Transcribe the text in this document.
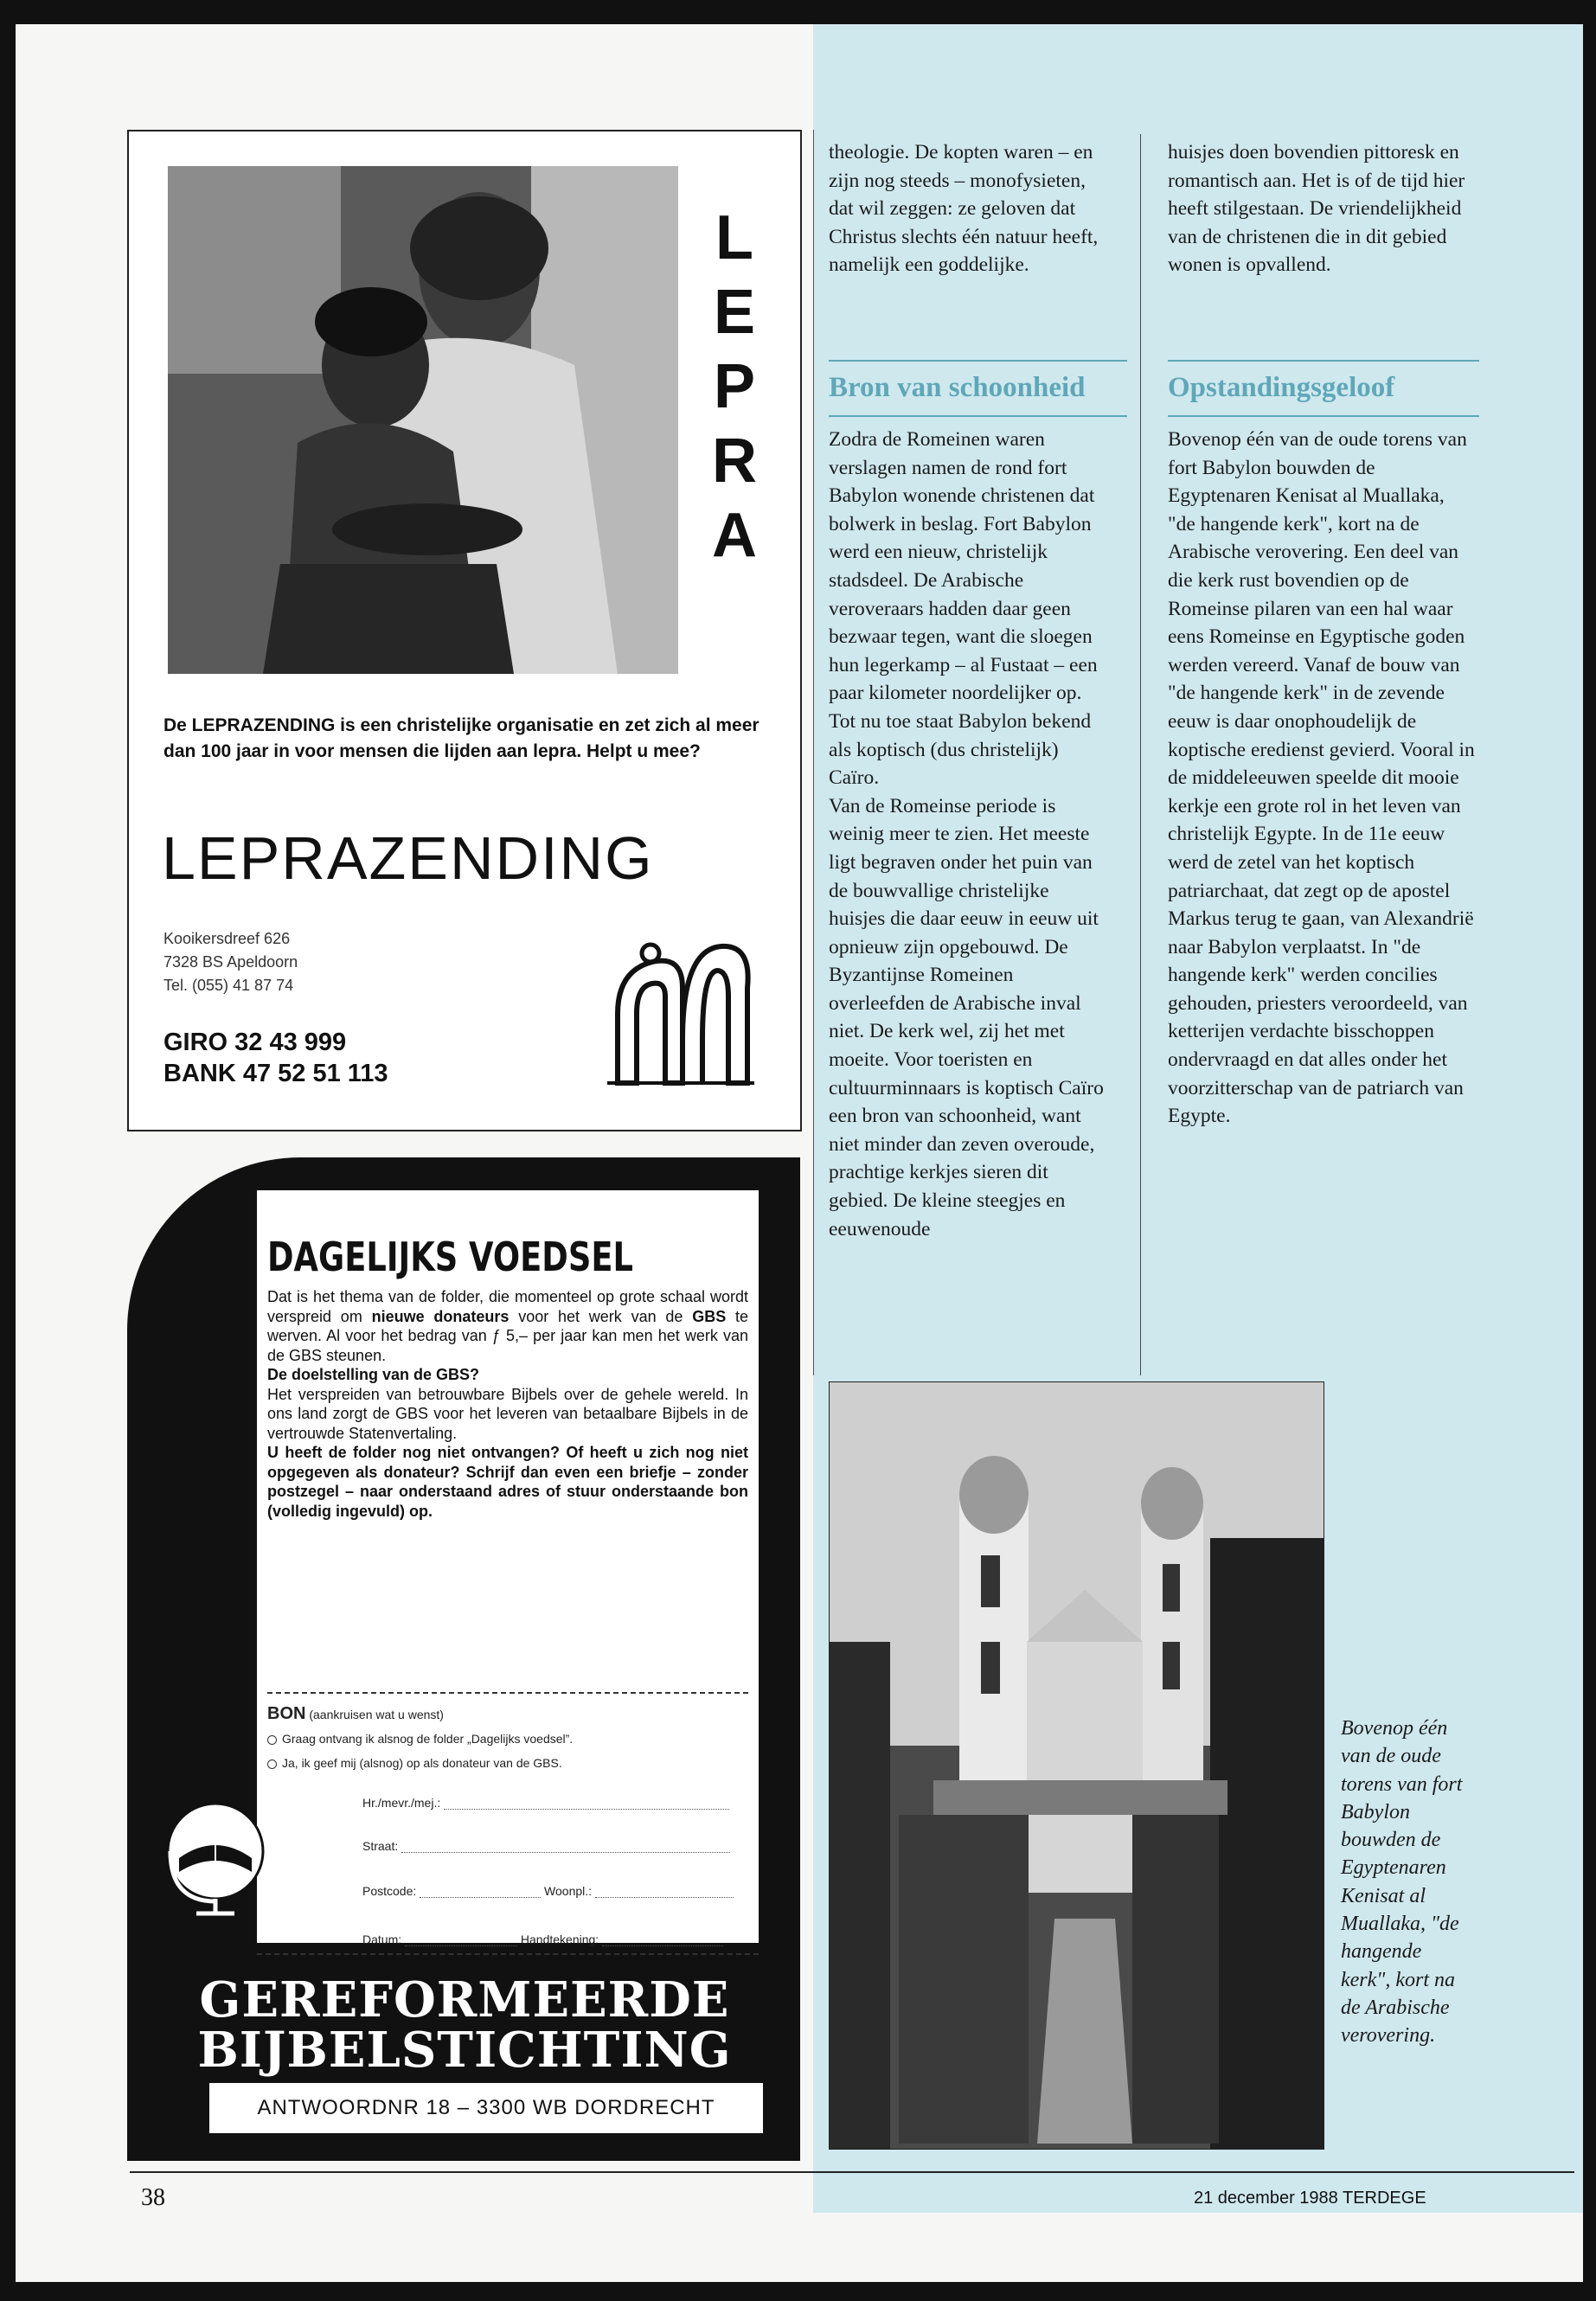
L
E
P
R
A
De LEPRAZENDING is een christelijke organisatie en zet zich al meer dan 100 jaar in voor mensen die lijden aan lepra. Helpt u mee?
LEPRAZENDING
Kooikersdreef 626
7328 BS Apeldoorn
Tel. (055) 41 87 74
GIRO 32 43 999
BANK 47 52 51 113
DAGELIJKS VOEDSEL
Dat is het thema van de folder, die momenteel op grote schaal wordt verspreid om nieuwe donateurs voor het werk van de GBS te werven. Al voor het bedrag van ƒ 5,– per jaar kan men het werk van de GBS steunen.
De doelstelling van de GBS?
Het verspreiden van betrouwbare Bijbels over de gehele wereld. In ons land zorgt de GBS voor het leveren van betaalbare Bijbels in de vertrouwde Statenvertaling.
U heeft de folder nog niet ontvangen? Of heeft u zich nog niet opgegeven als donateur? Schrijf dan even een briefje – zonder postzegel – naar onderstaand adres of stuur onderstaande bon (volledig ingevuld) op.
BON (aankruisen wat u wenst)
Graag ontvang ik alsnog de folder „Dagelijks voedsel”.
Ja, ik geef mij (alsnog) op als donateur van de GBS.
Hr./mevr./mej.:
Straat:
Postcode:	Woonpl.:
Datum:	Handtekening:
GEREFORMEERDE
BIJBELSTICHTING
ANTWOORDNR 18 – 3300 WB DORDRECHT
theologie. De kopten waren – en zijn nog steeds – monofysieten, dat wil zeggen: ze geloven dat Christus slechts één natuur heeft, namelijk een goddelijke.
huisjes doen bovendien pittoresk en romantisch aan. Het is of de tijd hier heeft stilgestaan. De vriendelijkheid van de christenen die in dit gebied wonen is opvallend.
Bron van schoonheid	Opstandingsgeloof
Zodra de Romeinen waren verslagen namen de rond fort Babylon wonende christenen dat bolwerk in beslag. Fort Babylon werd een nieuw, christelijk stadsdeel. De Arabische veroveraars hadden daar geen bezwaar tegen, want die sloegen hun legerkamp – al Fustaat – een paar kilometer noordelijker op. Tot nu toe staat Babylon bekend als koptisch (dus christelijk) Caïro.
Van de Romeinse periode is weinig meer te zien. Het meeste ligt begraven onder het puin van de bouwvallige christelijke huisjes die daar eeuw in eeuw uit opnieuw zijn opgebouwd. De Byzantijnse Romeinen overleefden de Arabische inval niet. De kerk wel, zij het met moeite. Voor toeristen en cultuurminnaars is koptisch Caïro een bron van schoonheid, want niet minder dan zeven overoude, prachtige kerkjes sieren dit gebied. De kleine steegjes en eeuwenoude
Bovenop één van de oude torens van fort Babylon bouwden de Egyptenaren Kenisat al Muallaka, "de hangende kerk", kort na de Arabische verovering. Een deel van die kerk rust bovendien op de Romeinse pilaren van een hal waar eens Romeinse en Egyptische goden werden vereerd. Vanaf de bouw van "de hangende kerk" in de zevende eeuw is daar onophoudelijk de koptische eredienst gevierd. Vooral in de middeleeuwen speelde dit mooie kerkje een grote rol in het leven van christelijk Egypte. In de 11e eeuw werd de zetel van het koptisch patriarchaat, dat zegt op de apostel Markus terug te gaan, van Alexandrië naar Babylon verplaatst. In "de hangende kerk" werden concilies gehouden, priesters veroordeeld, van ketterijen verdachte bisschoppen ondervraagd en dat alles onder het voorzitterschap van de patriarch van Egypte.
Bovenop één van de oude torens van fort Babylon bouwden de Egyptenaren Kenisat al Muallaka, "de hangende kerk", kort na de Arabische verovering.
38	21 december 1988 TERDEGE
